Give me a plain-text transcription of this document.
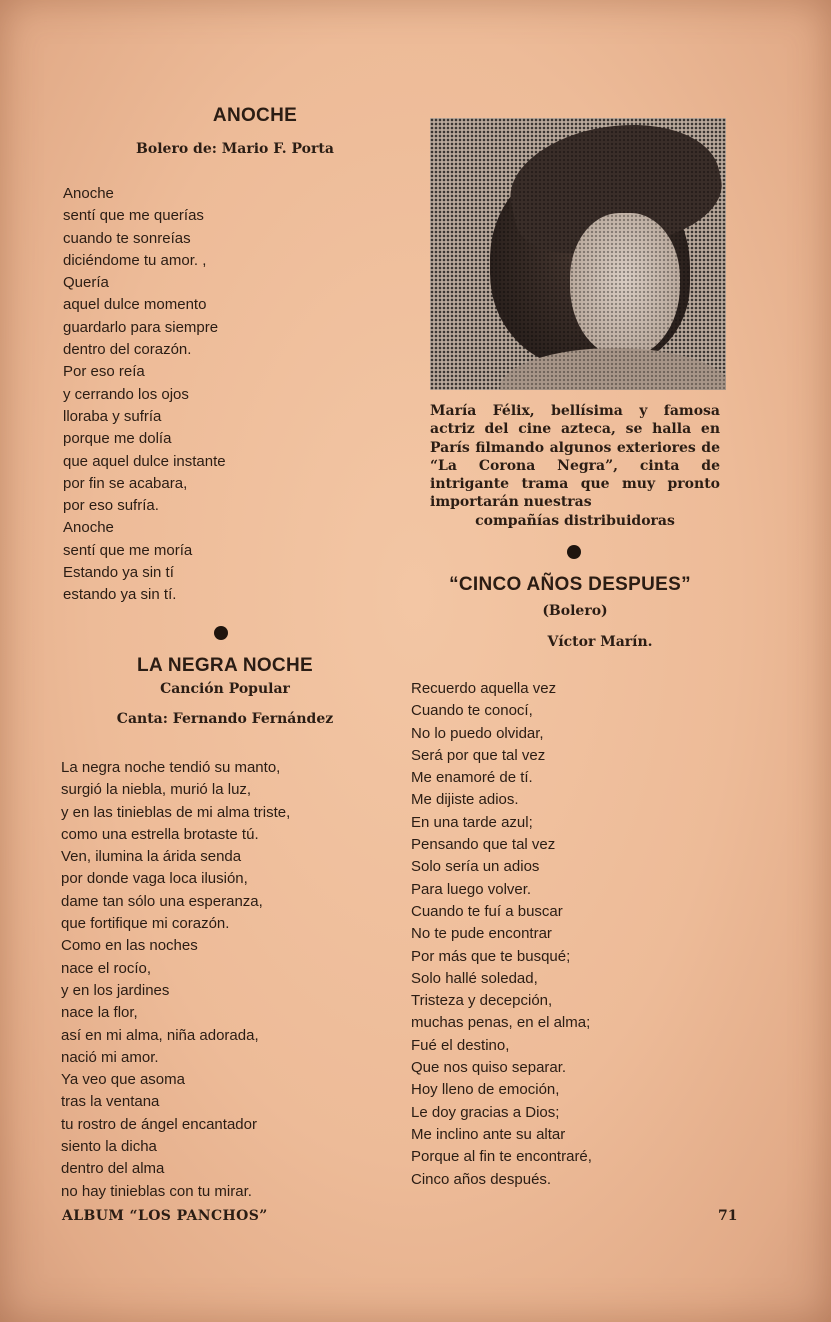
ANOCHE

Bolero de: Mario F. Porta

Anoche
sentí que me querías
cuando te sonreías
diciéndome tu amor. ,
Quería
aquel dulce momento
guardarlo para siempre
dentro del corazón.
Por eso reía
y cerrando los ojos
lloraba y sufría
porque me dolía
que aquel dulce instante
por fin se acabara,
por eso sufría.
Anoche
sentí que me moría
Estando ya sin tí
estando ya sin tí.
LA NEGRA NOCHE

Canción Popular

Canta: Fernando Fernández

La negra noche tendió su manto,
surgió la niebla, murió la luz,
y en las tinieblas de mi alma triste,
como una estrella brotaste tú.
Ven, ilumina la árida senda
por donde vaga loca ilusión,
dame tan sólo una esperanza,
que fortifique mi corazón.
Como en las noches
nace el rocío,
y en los jardines
nace la flor,
así en mi alma, niña adorada,
nació mi amor.
Ya veo que asoma
tras la ventana
tu rostro de ángel encantador
siento la dicha
dentro del alma
no hay tinieblas con tu mirar.

María Félix, bellísima y famosa actriz del cine azteca, se halla en París filmando algunos exteriores de “La Corona Negra”, cinta de intrigante trama que muy pronto importarán nuestras
compañías distribuidoras

“CINCO AÑOS DESPUES”

(Bolero)

Víctor Marín.

Recuerdo aquella vez
Cuando te conocí,
No lo puedo olvidar,
Será por que tal vez
Me enamoré de tí.
Me dijiste adios.
En una tarde azul;
Pensando que tal vez
Solo sería un adios
Para luego volver.
Cuando te fuí a buscar
No te pude encontrar
Por más que te busqué;
Solo hallé soledad,
Tristeza y decepción,
muchas penas, en el alma;
Fué el destino,
Que nos quiso separar.
Hoy lleno de emoción,
Le doy gracias a Dios;
Me inclino ante su altar
Porque al fin te encontraré,
Cinco años después.
ALBUM “LOS PANCHOS”	71
